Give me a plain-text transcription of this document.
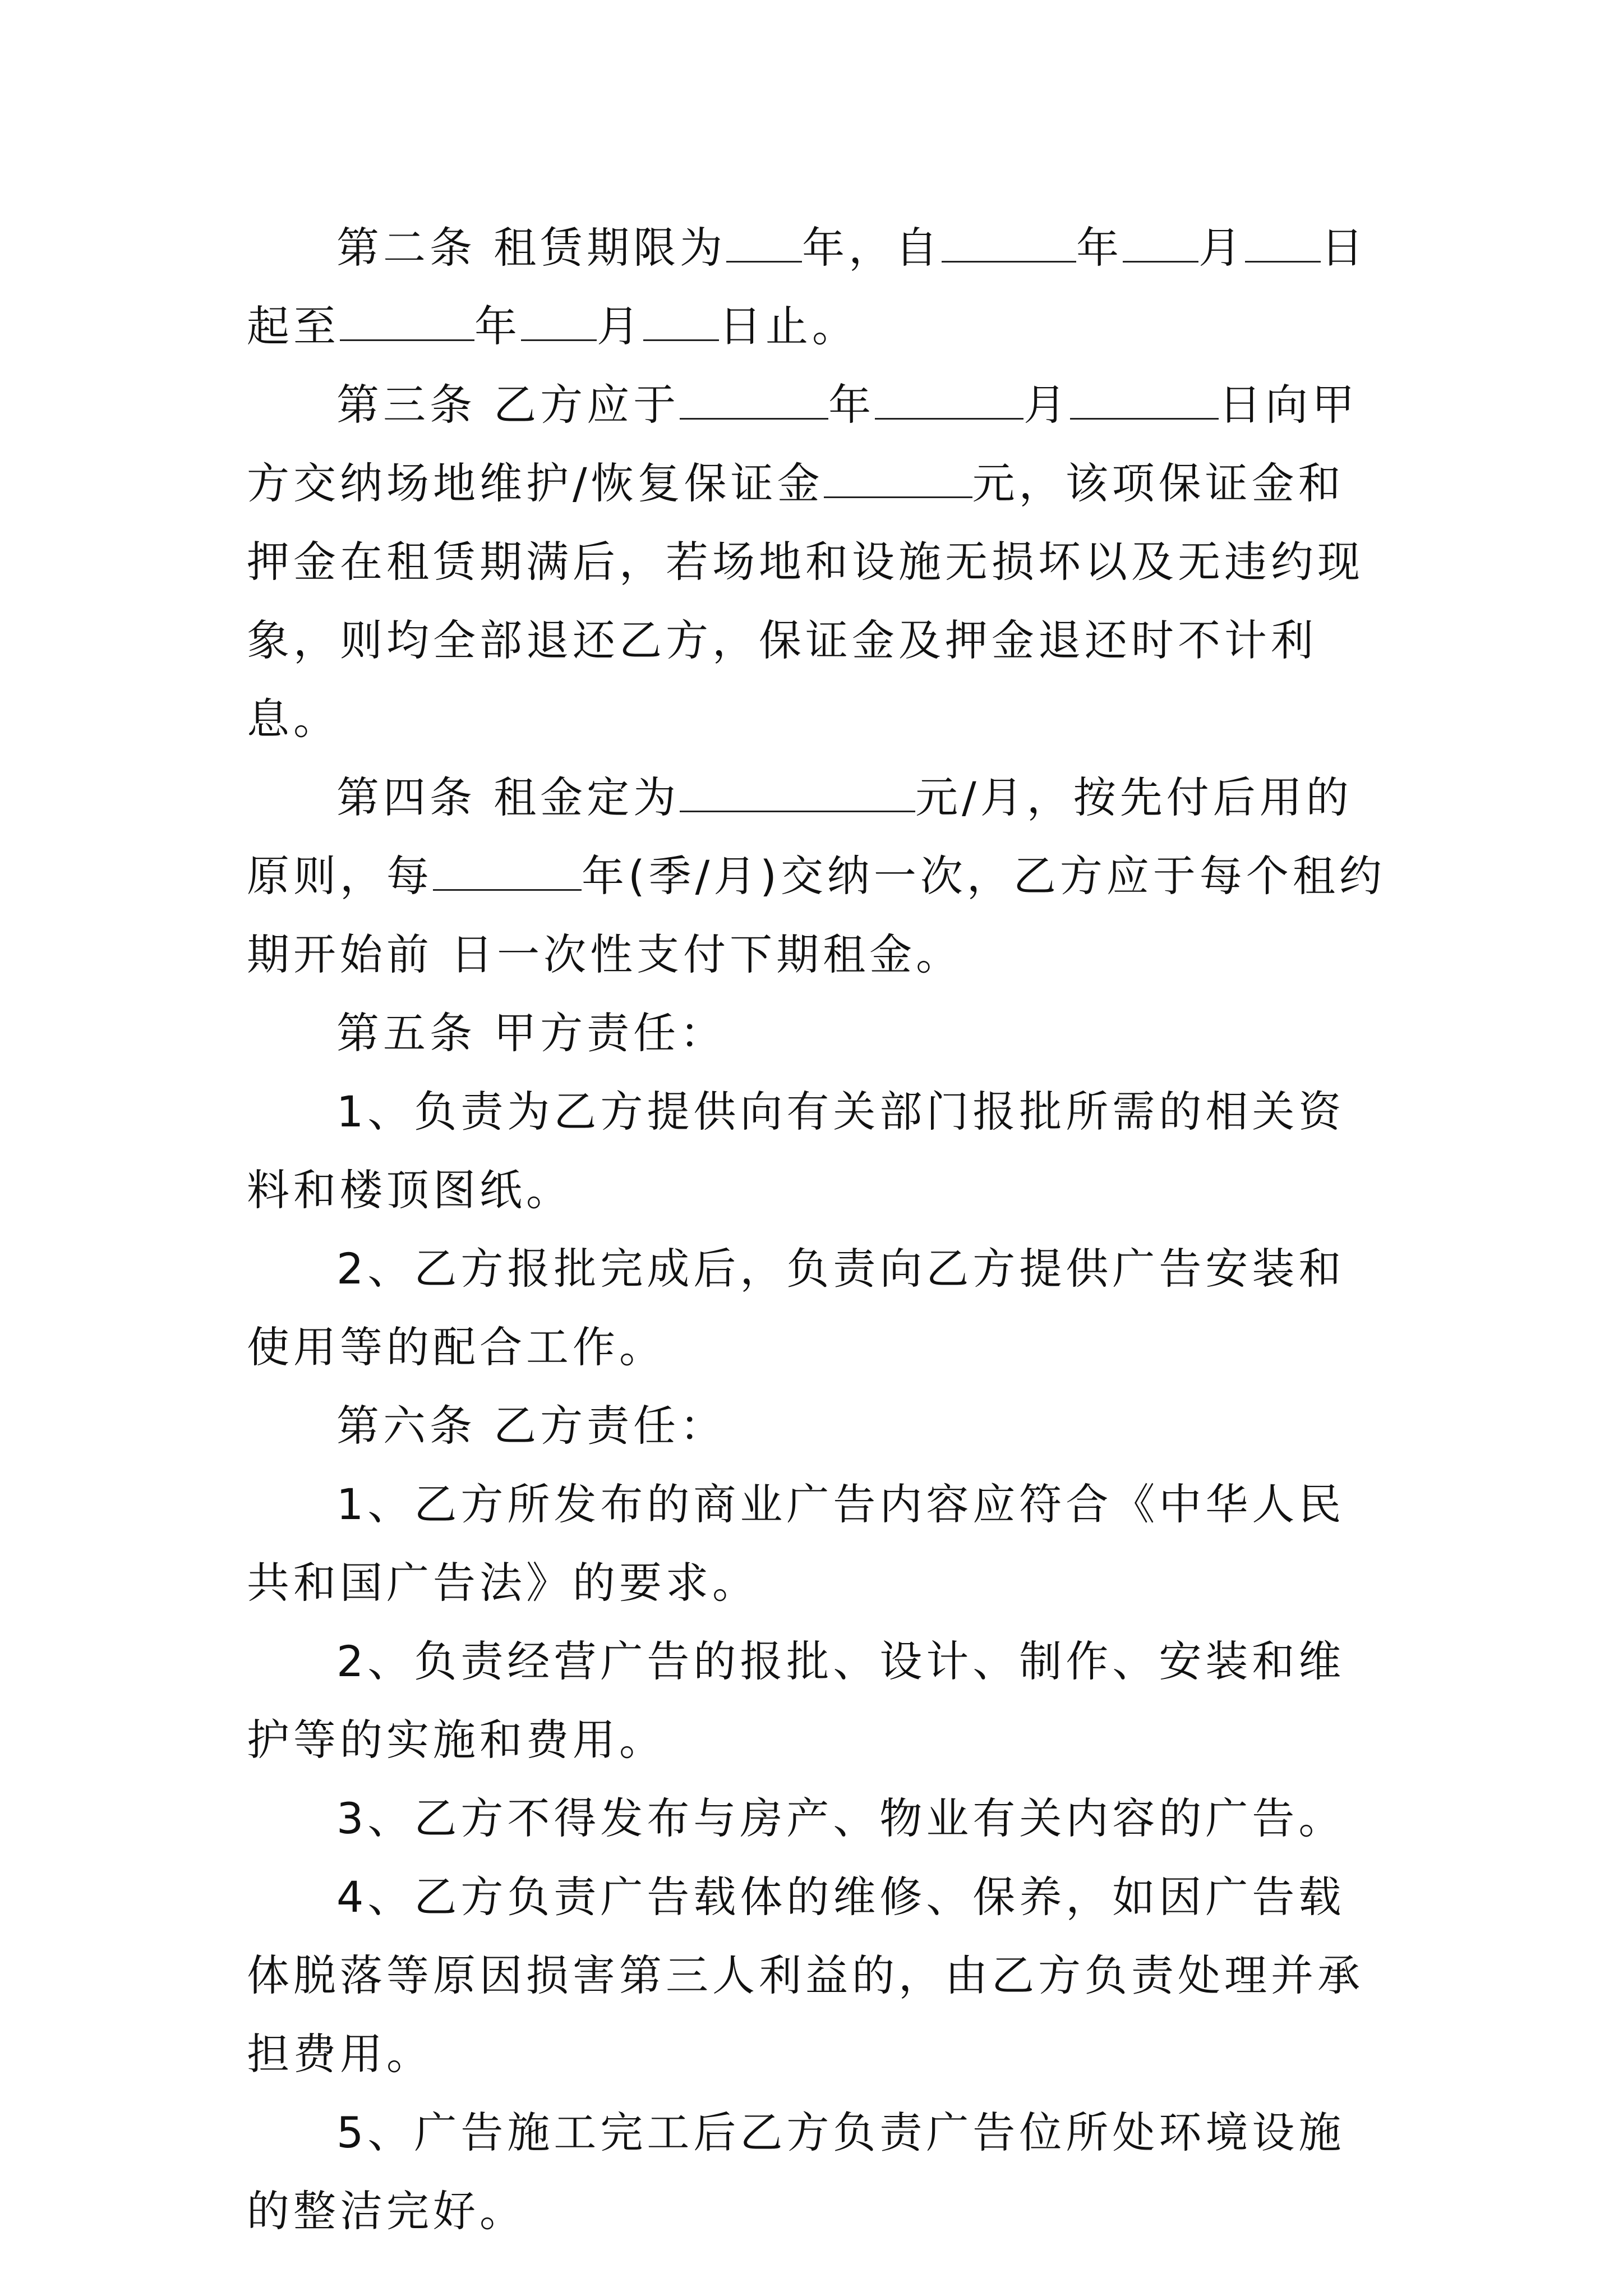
第二条 租赁期限为 年，自	年 月 日起至	年 月 日止。

第三条 乙方应于	年	月	日向甲方交纳场地维护/恢复保证金	元，该项保证金和押金在租赁期满后，若场地和设施无损坏以及无违约现象，则均全部退还乙方，保证金及押金退还时不计利息。

第四条 租金定为	元/月，按先付后用的原则，每	年(季/月)交纳一次，乙方应于每个租约期开始前 日一次性支付下期租金。

第五条 甲方责任：

1、负责为乙方提供向有关部门报批所需的相关资料和楼顶图纸。

2、乙方报批完成后，负责向乙方提供广告安装和使用等的配合工作。

第六条 乙方责任：

1、乙方所发布的商业广告内容应符合《中华人民共和国广告法》的要求。

2、负责经营广告的报批、设计、制作、安装和维护等的实施和费用。

3、乙方不得发布与房产、物业有关内容的广告。

4、乙方负责广告载体的维修、保养，如因广告载体脱落等原因损害第三人利益的，由乙方负责处理并承担费用。

5、广告施工完工后乙方负责广告位所处环境设施的整洁完好。
